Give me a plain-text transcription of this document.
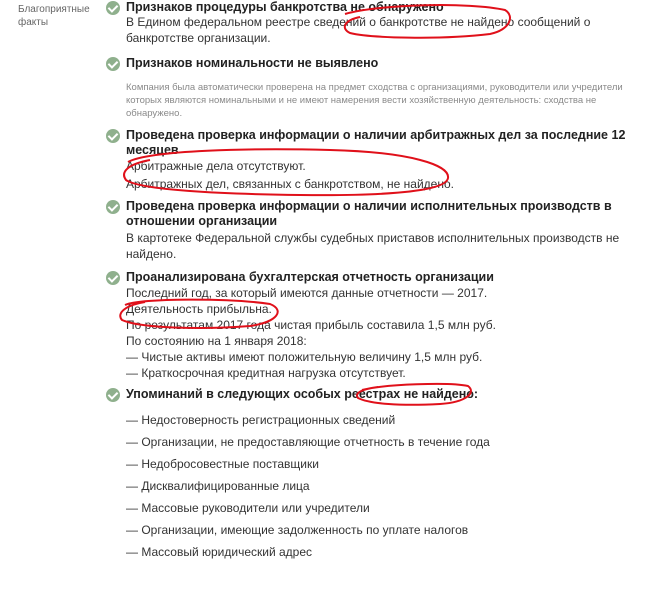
Благоприятные факты
Признаков процедуры банкротства не обнаружено
В Едином федеральном реестре сведений о банкротстве не найдено сообщений о
банкротстве организации.
Признаков номинальности не выявлено
Компания была автоматически проверена на предмет сходства с организациями, руководители или учредители
которых являются номинальными и не имеют намерения вести хозяйственную деятельность: сходства не
обнаружено.
Проведена проверка информации о наличии арбитражных дел за последние 12
месяцев
Арбитражные дела отсутствуют.
Арбитражных дел, связанных с банкротством, не найдено.
Проведена проверка информации о наличии исполнительных производств в
отношении организации
В картотеке Федеральной службы судебных приставов исполнительных производств не
найдено.
Проанализирована бухгалтерская отчетность организации
Последний год, за который имеются данные отчетности — 2017.
Деятельность прибыльна.
По результатам 2017 года чистая прибыль составила 1,5 млн руб.
По состоянию на 1 января 2018:
— Чистые активы имеют положительную величину 1,5 млн руб.
— Краткосрочная кредитная нагрузка отсутствует.
Упоминаний в следующих особых реестрах не найдено:
— Недостоверность регистрационных сведений
— Организации, не предоставляющие отчетность в течение года
— Недобросовестные поставщики
— Дисквалифицированные лица
— Массовые руководители или учредители
— Организации, имеющие задолженность по уплате налогов
— Массовый юридический адрес
